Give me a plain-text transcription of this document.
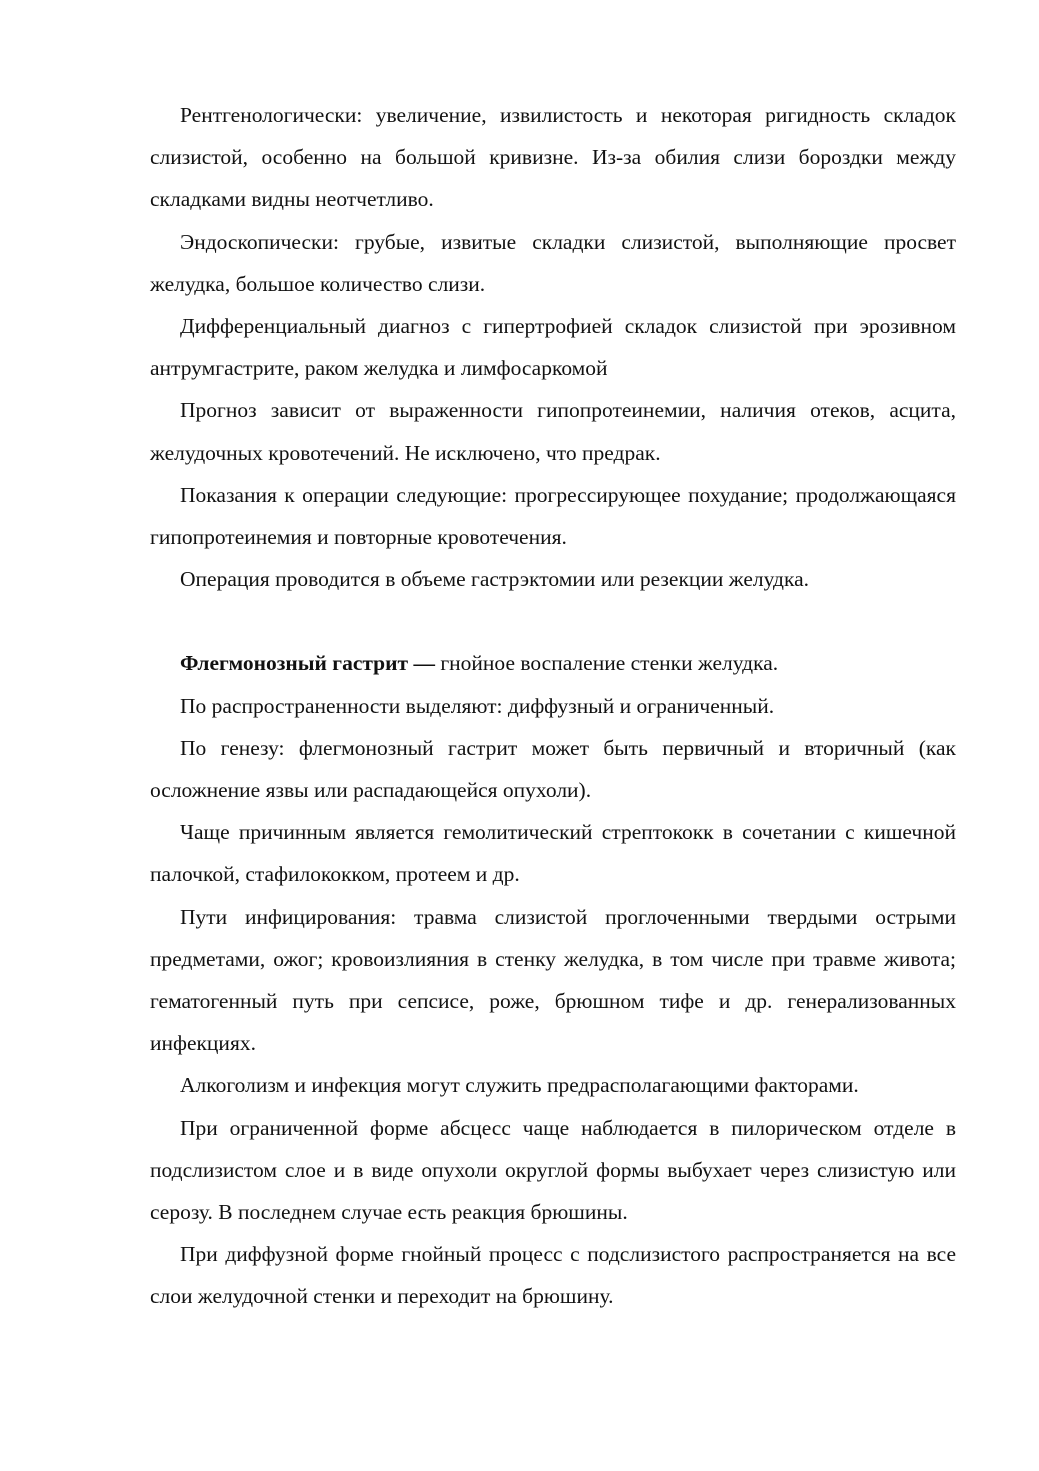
Рентгенологически: увеличение, извилистость и некоторая ригидность складок слизистой, особенно на большой кривизне. Из-за обилия слизи бороздки между складками видны неотчетливо.

Эндоскопически: грубые, извитые складки слизистой, выполняющие просвет желудка, большое количество слизи.

Дифференциальный диагноз с гипертрофией складок слизистой при эрозивном антрумгастрите, раком желудка и лимфосаркомой

Прогноз зависит от выраженности гипопротеинемии, наличия отеков, асцита, желудочных кровотечений. Не исключено, что предрак.

Показания к операции следующие: прогрессирующее похудание; продолжающаяся гипопротеинемия и повторные кровотечения.

Операция проводится в объеме гастрэктомии или резекции желудка.

Флегмонозный гастрит — гнойное воспаление стенки желудка.

По распространенности выделяют: диффузный и ограниченный.

По генезу: флегмонозный гастрит может быть первичный и вторичный (как осложнение язвы или распадающейся опухоли).

Чаще причинным является гемолитический стрептококк в сочетании с кишечной палочкой, стафилококком, протеем и др.

Пути инфицирования: травма слизистой проглоченными твердыми острыми предметами, ожог; кровоизлияния в стенку желудка, в том числе при травме живота; гематогенный путь при сепсисе, роже, брюшном тифе и др. генерализованных инфекциях.

Алкоголизм и инфекция могут служить предрасполагающими факторами.

При ограниченной форме абсцесс чаще наблюдается в пилорическом отделе в подслизистом слое и в виде опухоли округлой формы выбухает через слизистую или серозу. В последнем случае есть реакция брюшины.

При диффузной форме гнойный процесс с подслизистого распространяется на все слои желудочной стенки и переходит на брюшину.
